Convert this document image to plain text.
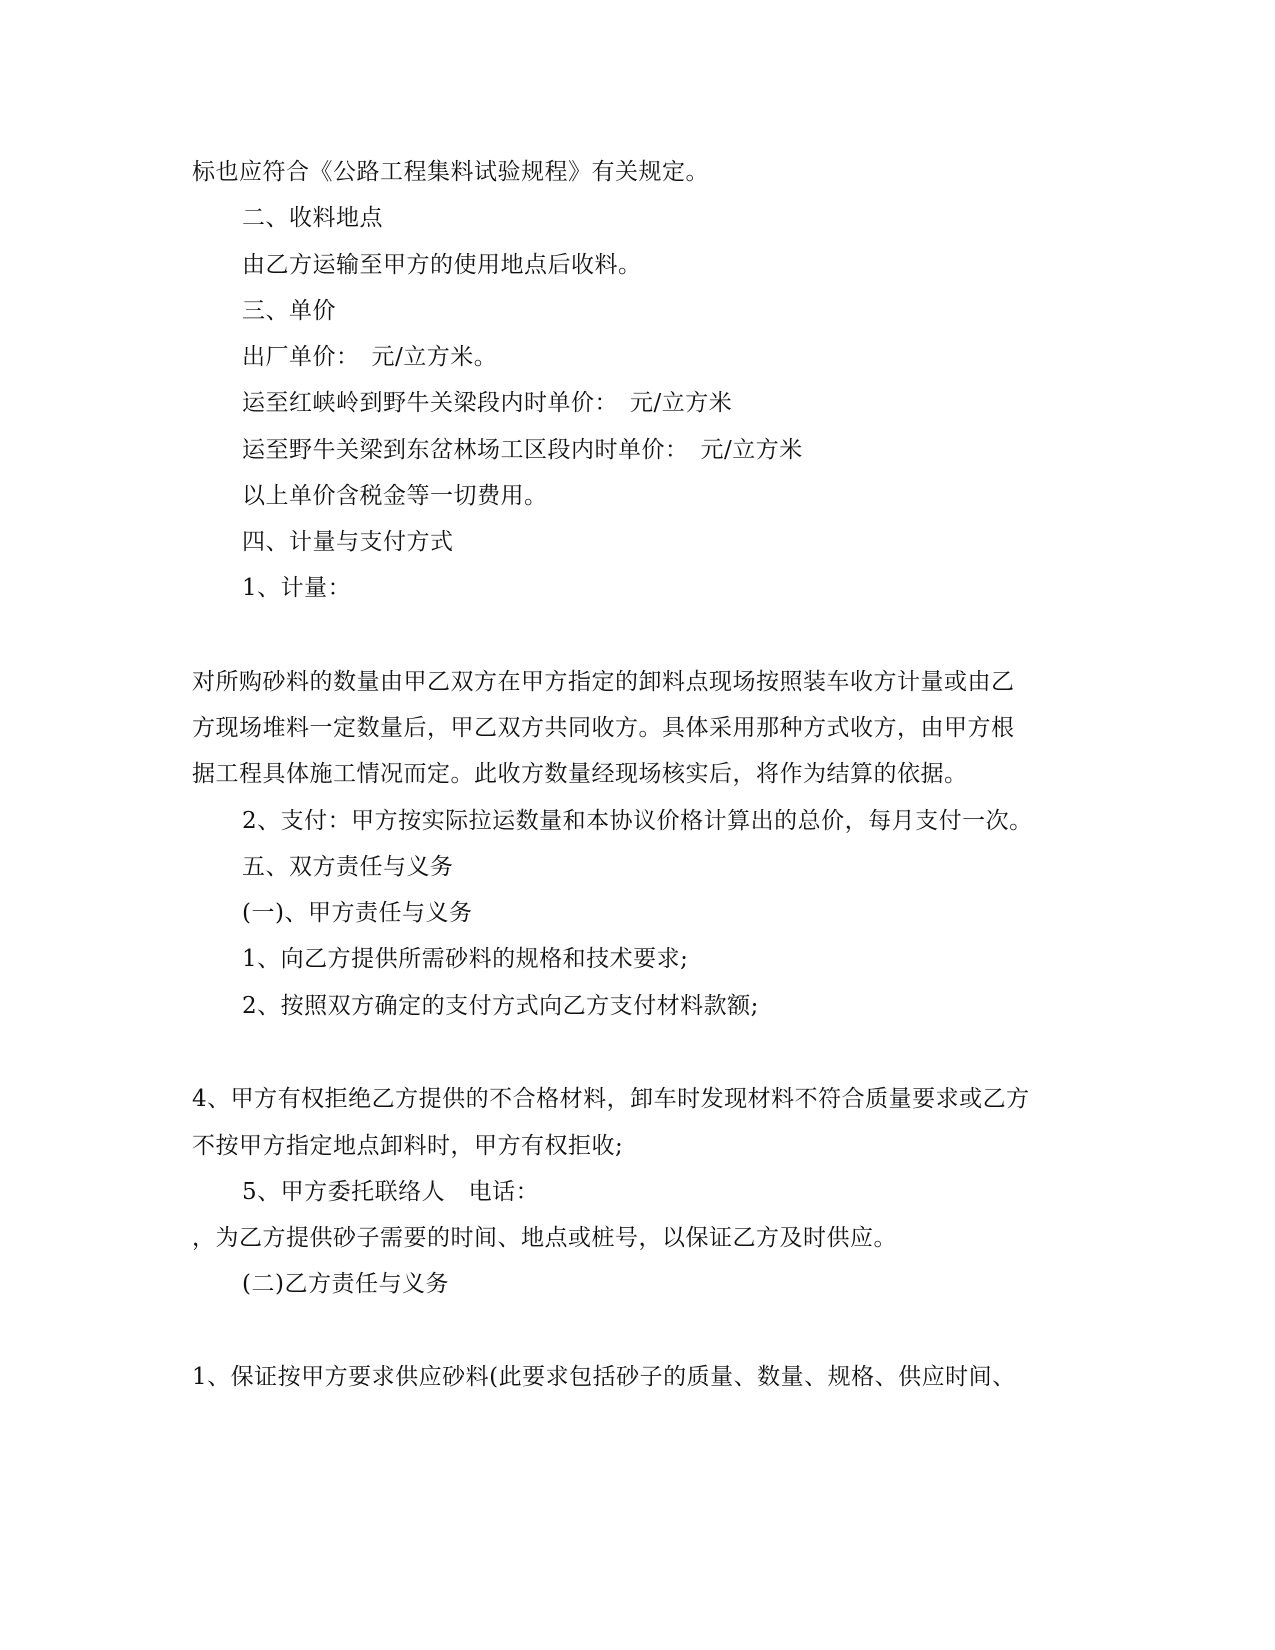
标也应符合《公路工程集料试验规程》有关规定。
二、收料地点
由乙方运输至甲方的使用地点后收料。
三、单价
出厂单价：　元/立方米。
运至红峡岭到野牛关梁段内时单价：　元/立方米
运至野牛关梁到东岔林场工区段内时单价：　元/立方米
以上单价含税金等一切费用。
四、计量与支付方式
1、计量：
对所购砂料的数量由甲乙双方在甲方指定的卸料点现场按照装车收方计量或由乙
方现场堆料一定数量后，甲乙双方共同收方。具体采用那种方式收方，由甲方根
据工程具体施工情况而定。此收方数量经现场核实后，将作为结算的依据。
2、支付：甲方按实际拉运数量和本协议价格计算出的总价，每月支付一次。
五、双方责任与义务
(一)、甲方责任与义务
1、向乙方提供所需砂料的规格和技术要求;
2、按照双方确定的支付方式向乙方支付材料款额;
4、甲方有权拒绝乙方提供的不合格材料，卸车时发现材料不符合质量要求或乙方
不按甲方指定地点卸料时，甲方有权拒收;
5、甲方委托联络人　电话：
，为乙方提供砂子需要的时间、地点或桩号，以保证乙方及时供应。
(二)乙方责任与义务
1、保证按甲方要求供应砂料(此要求包括砂子的质量、数量、规格、供应时间、
